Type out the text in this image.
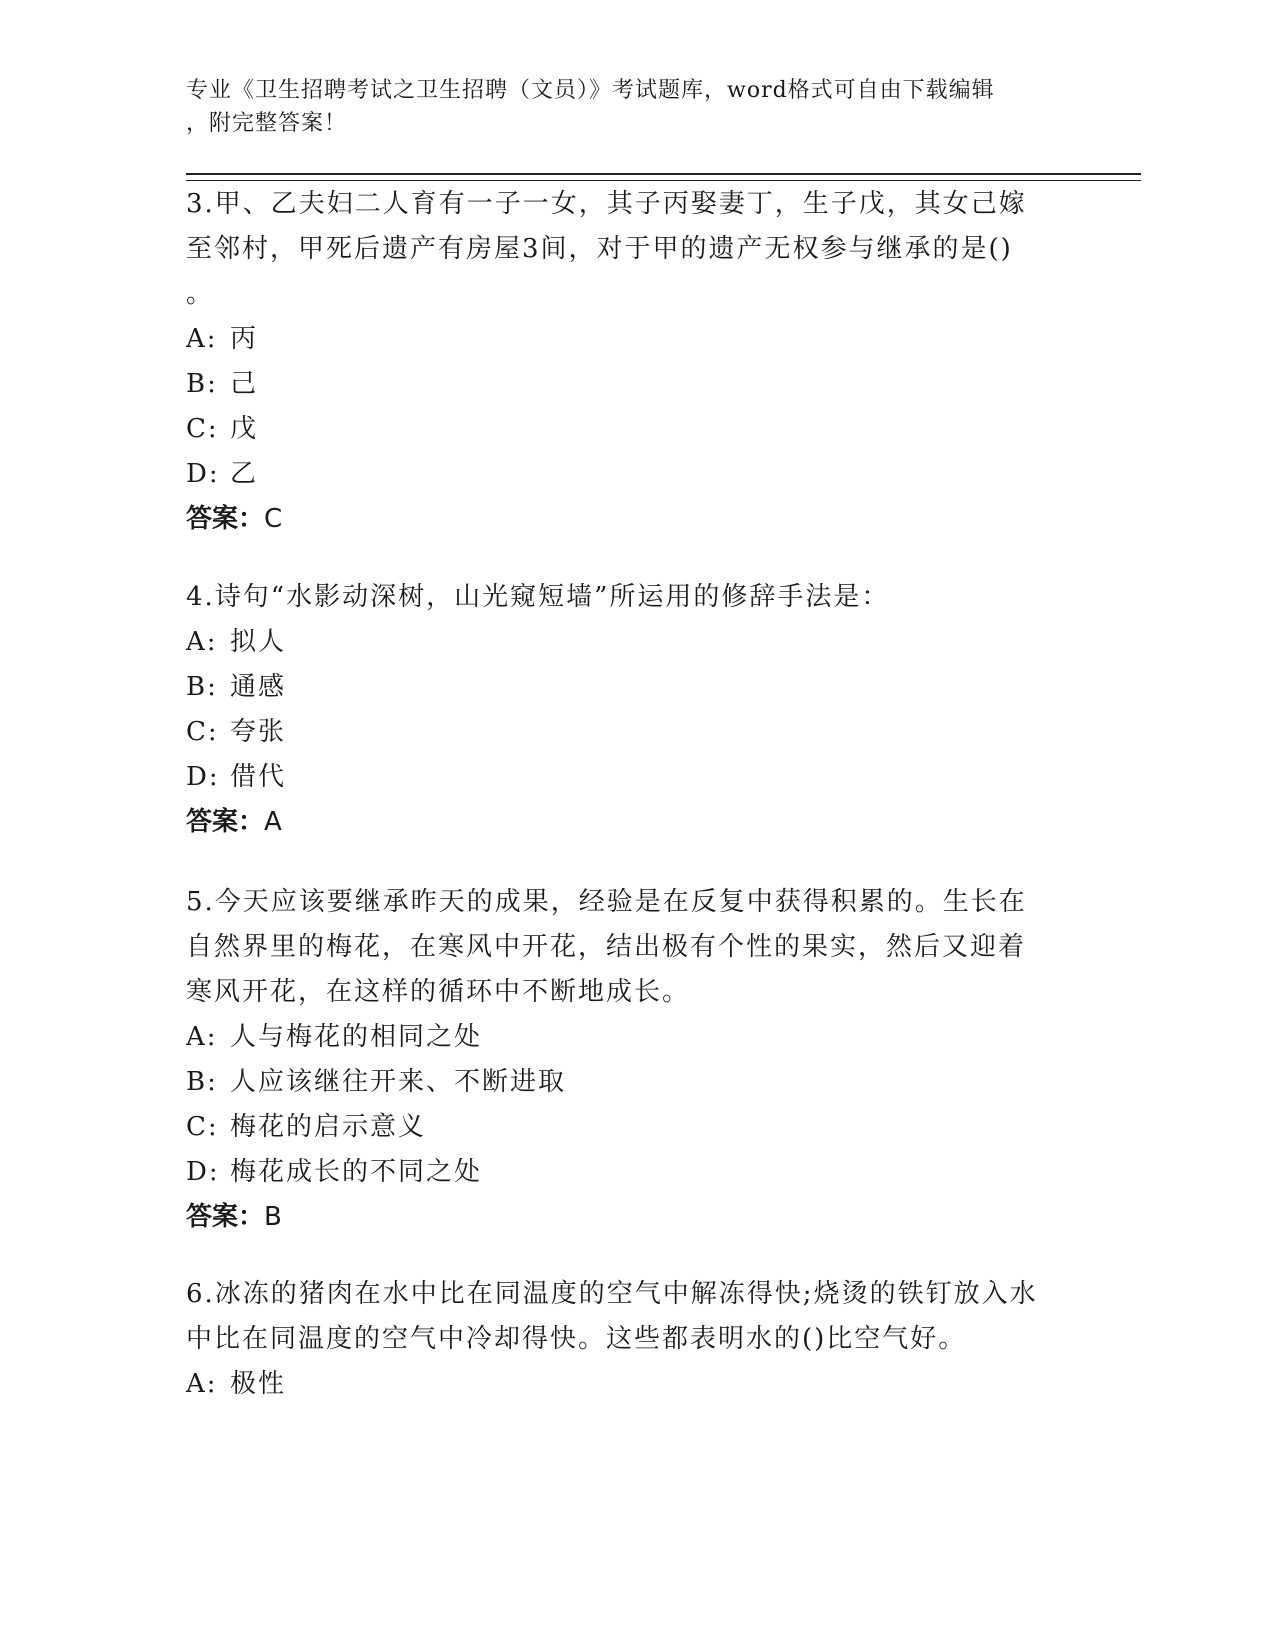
专业《卫生招聘考试之卫生招聘（文员）》考试题库，word格式可自由下载编辑
，附完整答案！
3.甲、乙夫妇二人育有一子一女，其子丙娶妻丁，生子戊，其女己嫁
至邻村，甲死后遗产有房屋3间，对于甲的遗产无权参与继承的是()
。
A: 丙
B: 己
C: 戊
D: 乙
答案：C
4.诗句“水影动深树，山光窥短墙”所运用的修辞手法是：
A: 拟人
B: 通感
C: 夸张
D: 借代
答案：A
5.今天应该要继承昨天的成果，经验是在反复中获得积累的。生长在
自然界里的梅花，在寒风中开花，结出极有个性的果实，然后又迎着
寒风开花，在这样的循环中不断地成长。
A: 人与梅花的相同之处
B: 人应该继往开来、不断进取
C: 梅花的启示意义
D: 梅花成长的不同之处
答案：B
6.冰冻的猪肉在水中比在同温度的空气中解冻得快;烧烫的铁钉放入水
中比在同温度的空气中冷却得快。这些都表明水的()比空气好。
A: 极性
